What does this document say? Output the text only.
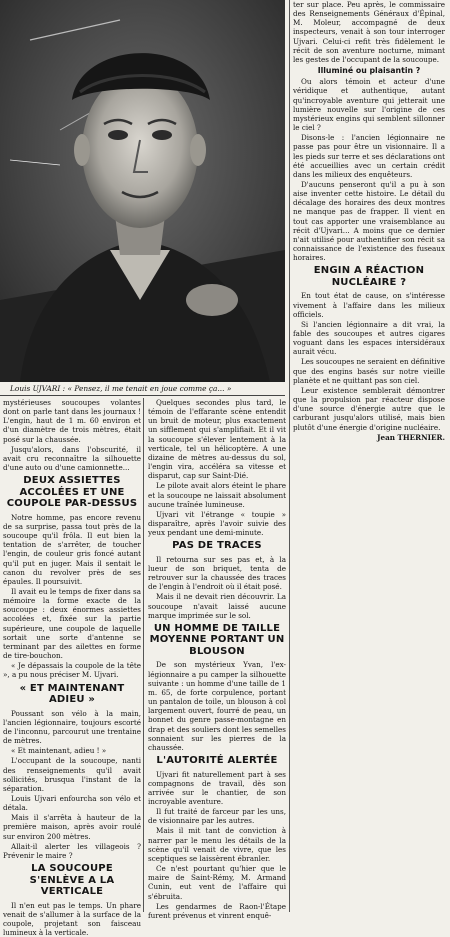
Louis UJVARI : « Pensez, il me tenait en joue comme ça... »

mystérieuses soucoupes volantes dont on parle tant dans les journaux ! L'engin, haut de 1 m. 60 environ et d'un diamètre de trois mètres, était posé sur la chaussée.

Jusqu'alors, dans l'obscurité, il avait cru reconnaître la silhouette d'une auto ou d'une camionnette...

DEUX ASSIETTES ACCOLÉES ET UNE COUPOLE PAR-DESSUS

Notre homme, pas encore revenu de sa surprise, passa tout près de la soucoupe qu'il frôla. Il eut bien la tentation de s'arrêter, de toucher l'engin, de couleur gris foncé autant qu'il put en juger. Mais il sentait le canon du revolver près de ses épaules. Il poursuivit.

Il avait eu le temps de fixer dans sa mémoire la forme exacte de la soucoupe : deux énormes assiettes accolées et, fixée sur la partie supérieure, une coupole de laquelle sortait une sorte d'antenne se terminant par des ailettes en forme de tire-bouchon.

« Je dépassais la coupole de la tête », a pu nous préciser M. Ujvari.

« ET MAINTENANT ADIEU »

Poussant son vélo à la main, l'ancien légionnaire, toujours escorté de l'inconnu, parcourut une trentaine de mètres.

« Et maintenant, adieu ! »

L'occupant de la soucoupe, nanti des renseignements qu'il avait sollicités, brusqua l'instant de la séparation.

Louis Ujvari enfourcha son vélo et détala.

Mais il s'arrêta à hauteur de la première maison, après avoir roulé sur environ 200 mètres.

Allait-il alerter les villageois ? Prévenir le maire ?

LA SOUCOUPE S'ENLÈVE A LA VERTICALE

Il n'en eut pas le temps. Un phare venait de s'allumer à la surface de la coupole, projetant son faisceau lumineux à la verticale.

Quelques secondes plus tard, le témoin de l'effarante scène entendit un bruit de moteur, plus exactement un sifflement qui s'amplifiait. Et il vit la soucoupe s'élever lentement à la verticale, tel un hélicoptère. A une dizaine de mètres au-dessus du sol, l'engin vira, accéléra sa vitesse et disparut, cap sur Saint-Dié.

Le pilote avait alors éteint le phare et la soucoupe ne laissait absolument aucune traînée lumineuse.

Ujvari vit l'étrange « toupie » disparaître, après l'avoir suivie des yeux pendant une demi-minute.

PAS DE TRACES

Il retourna sur ses pas et, à la lueur de son briquet, tenta de retrouver sur la chaussée des traces de l'engin à l'endroit où il était posé.

Mais il ne devait rien découvrir. La soucoupe n'avait laissé aucune marque imprimée sur le sol.

UN HOMME DE TAILLE MOYENNE PORTANT UN BLOUSON

De son mystérieux Yvan, l'ex-légionnaire a pu camper la silhouette suivante : un homme d'une taille de 1 m. 65, de forte corpulence, portant un pantalon de toile, un blouson à col largement ouvert, fourré de peau, un bonnet du genre passe-montagne en drap et des souliers dont les semelles sonnaient sur les pierres de la chaussée.

L'AUTORITÉ ALERTÉE

Ujvari fit naturellement part à ses compagnons de travail, dès son arrivée sur le chantier, de son incroyable aventure.

Il fut traité de farceur par les uns, de visionnaire par les autres.

Mais il mit tant de conviction à narrer par le menu les détails de la scène qu'il venait de vivre, que les sceptiques se laissèrent ébranler.

Ce n'est pourtant qu'hier que le maire de Saint-Rémy, M. Armand Cunin, eut vent de l'affaire qui s'ébruita.

Les gendarmes de Raon-l'Étape furent prévenus et vinrent enquê-

ter sur place. Peu après, le commissaire des Renseignements Généraux d'Épinal, M. Moleur, accompagné de deux inspecteurs, venait à son tour interroger Ujvari. Celui-ci refit très fidèlement le récit de son aventure nocturne, mimant les gestes de l'occupant de la soucoupe.

Illuminé ou plaisantin ?

Ou alors témoin et acteur d'une véridique et authentique, autant qu'incroyable aventure qui jetterait une lumière nouvelle sur l'origine de ces mystérieux engins qui semblent sillonner le ciel ?

Disons-le : l'ancien légionnaire ne passe pas pour être un visionnaire. Il a les pieds sur terre et ses déclarations ont été accueillies avec un certain crédit dans les milieux des enquêteurs.

D'aucuns penseront qu'il a pu à son aise inventer cette histoire. Le détail du décalage des horaires des deux montres ne manque pas de frapper. Il vient en tout cas apporter une vraisemblance au récit d'Ujvari... A moins que ce dernier n'ait utilisé pour authentifier son récit sa connaissance de l'existence des fuseaux horaires.

ENGIN A RÉACTION NUCLÉAIRE ?

En tout état de cause, on s'intéresse vivement à l'affaire dans les milieux officiels.

Si l'ancien légionnaire a dit vrai, la fable des soucoupes et autres cigares voguant dans les espaces intersidéraux aurait vécu.

Les soucoupes ne seraient en définitive que des engins basés sur notre vieille planète et ne quittant pas son ciel.

Leur existence semblerait démontrer que la propulsion par réacteur dispose d'une source d'énergie autre que le carburant jusqu'alors utilisé, mais bien plutôt d'une énergie d'origine nucléaire.

Jean THERNIER.
